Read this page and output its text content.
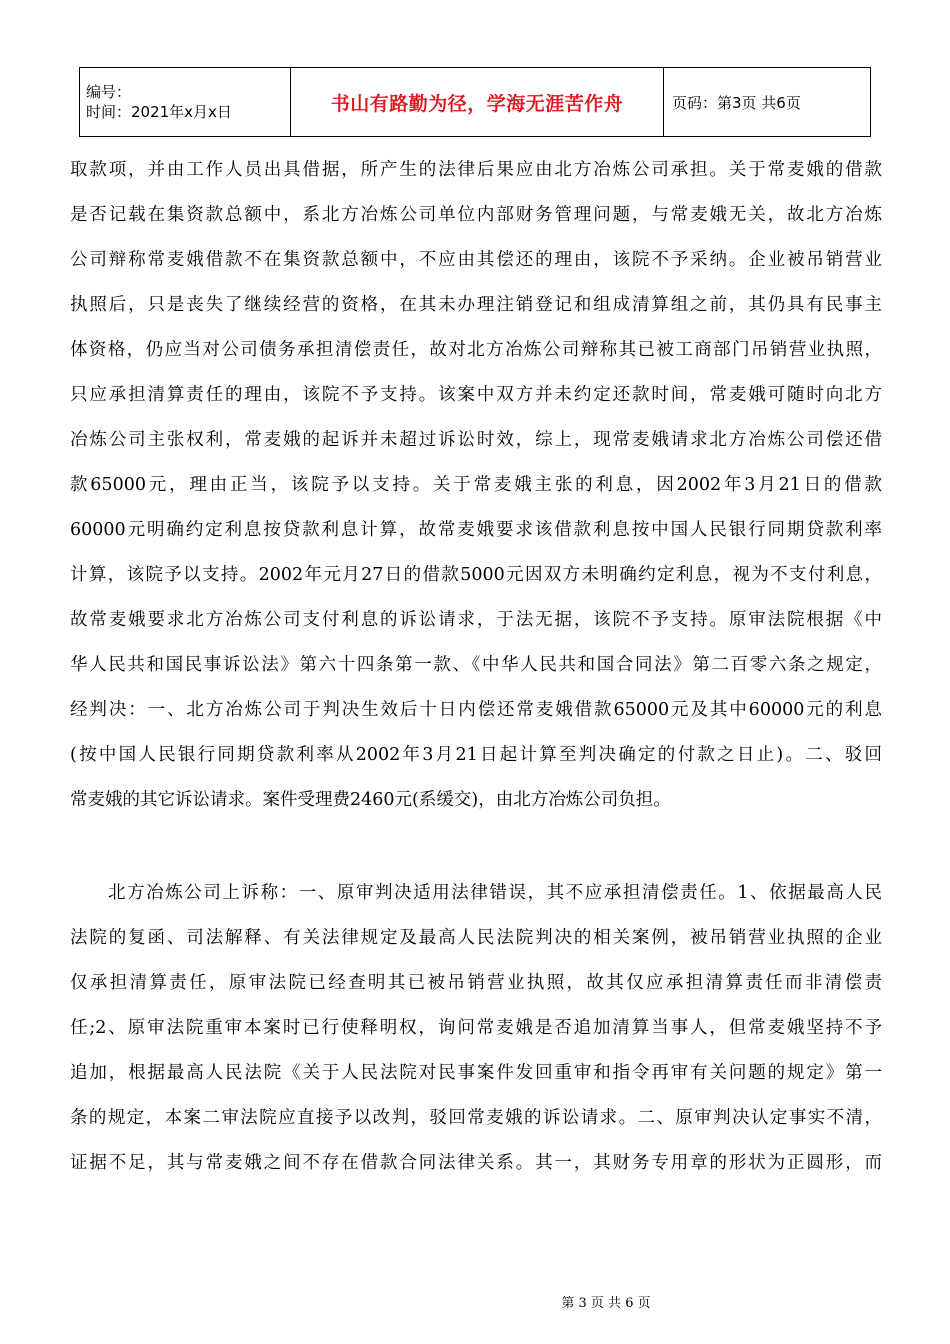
编号：
时间：2021年x月x日	书山有路勤为径，学海无涯苦作舟	页码：第3页 共6页
取款项，并由工作人员出具借据，所产生的法律后果应由北方冶炼公司承担。关于常麦娥的借款
是否记载在集资款总额中，系北方冶炼公司单位内部财务管理问题，与常麦娥无关，故北方冶炼
公司辩称常麦娥借款不在集资款总额中，不应由其偿还的理由，该院不予采纳。企业被吊销营业
执照后，只是丧失了继续经营的资格，在其未办理注销登记和组成清算组之前，其仍具有民事主
体资格，仍应当对公司债务承担清偿责任，故对北方冶炼公司辩称其已被工商部门吊销营业执照，
只应承担清算责任的理由，该院不予支持。该案中双方并未约定还款时间，常麦娥可随时向北方
冶炼公司主张权利，常麦娥的起诉并未超过诉讼时效，综上，现常麦娥请求北方冶炼公司偿还借
款65000元，理由正当，该院予以支持。关于常麦娥主张的利息，因2002年3月21日的借款
60000元明确约定利息按贷款利息计算，故常麦娥要求该借款利息按中国人民银行同期贷款利率
计算，该院予以支持。2002年元月27日的借款5000元因双方未明确约定利息，视为不支付利息，
故常麦娥要求北方冶炼公司支付利息的诉讼请求，于法无据，该院不予支持。原审法院根据《中
华人民共和国民事诉讼法》第六十四条第一款、《中华人民共和国合同法》第二百零六条之规定，
经判决：一、北方冶炼公司于判决生效后十日内偿还常麦娥借款65000元及其中60000元的利息
(按中国人民银行同期贷款利率从2002年3月21日起计算至判决确定的付款之日止)。二、驳回
常麦娥的其它诉讼请求。案件受理费2460元(系缓交)，由北方冶炼公司负担。
北方冶炼公司上诉称：一、原审判决适用法律错误，其不应承担清偿责任。1、依据最高人民
法院的复函、司法解释、有关法律规定及最高人民法院判决的相关案例，被吊销营业执照的企业
仅承担清算责任，原审法院已经查明其已被吊销营业执照，故其仅应承担清算责任而非清偿责
任;2、原审法院重审本案时已行使释明权，询问常麦娥是否追加清算当事人，但常麦娥坚持不予
追加，根据最高人民法院《关于人民法院对民事案件发回重审和指令再审有关问题的规定》第一
条的规定，本案二审法院应直接予以改判，驳回常麦娥的诉讼请求。二、原审判决认定事实不清，
证据不足，其与常麦娥之间不存在借款合同法律关系。其一，其财务专用章的形状为正圆形，而
第 3 页 共 6 页
